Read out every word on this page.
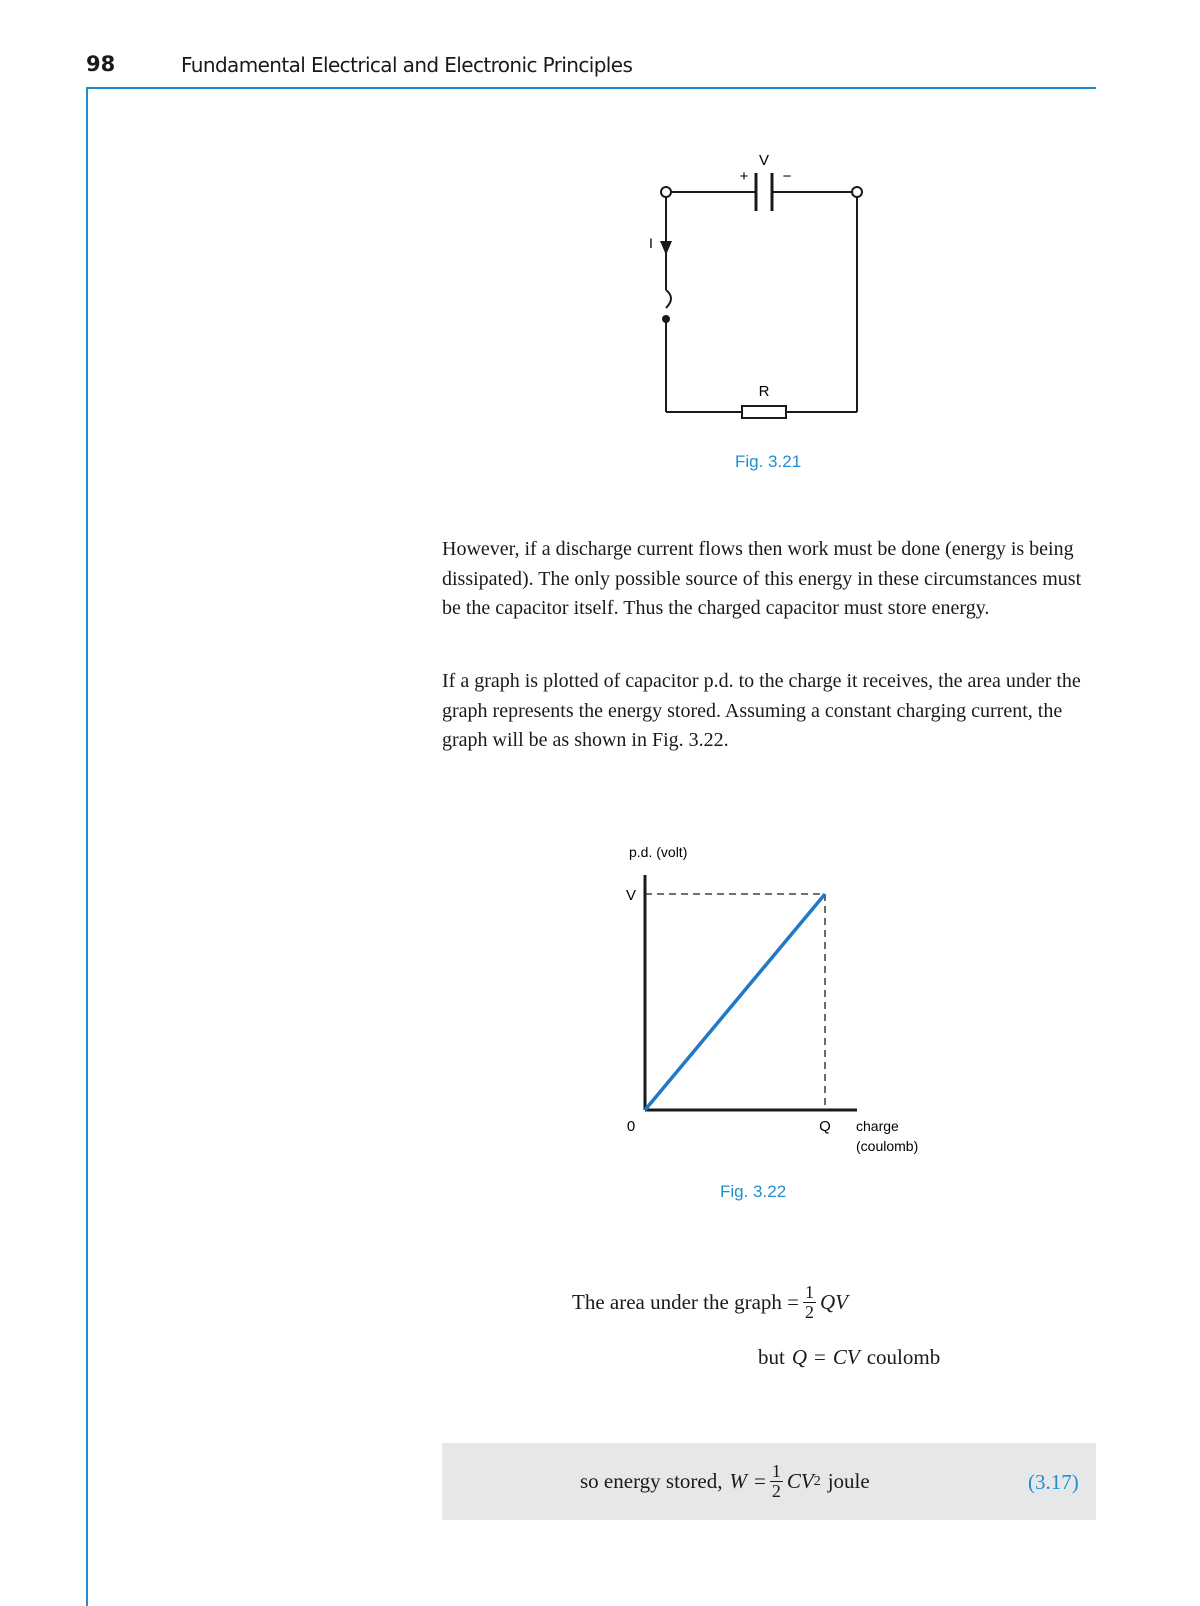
98	Fundamental Electrical and Electronic Principles
V
+ −
I
R
Fig. 3.21

However, if a discharge current flows then work must be done (energy is being dissipated). The only possible source of this energy in these circumstances must be the capacitor itself. Thus the charged capacitor must store energy.

If a graph is plotted of capacitor p.d. to the charge it receives, the area under the graph represents the energy stored. Assuming a constant charging current, the graph will be as shown in Fig. 3.22.

p.d. (volt)
charge
(coulomb)
0	Q
V
Fig. 3.22
The area under the graph = $\frac{1}{2}$ QV
but Q = CV coulomb
so energy stored, $W = \frac{1}{2}$ CV 2 joule	(3.17)
